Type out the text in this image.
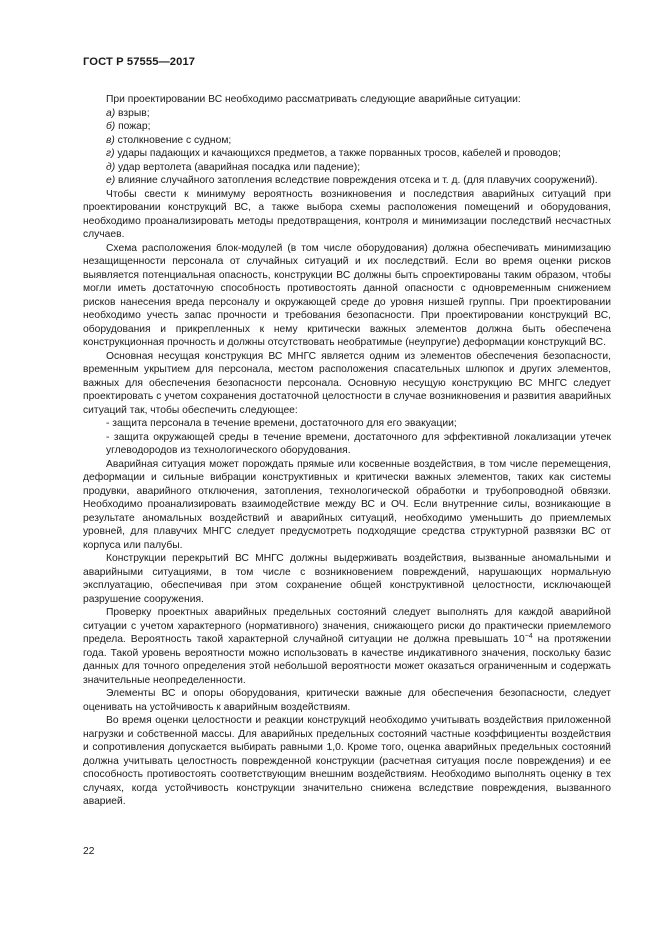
ГОСТ Р 57555—2017

При проектировании ВС необходимо рассматривать следующие аварийные ситуации:

а) взрыв;

б) пожар;

в) столкновение с судном;

г) удары падающих и качающихся предметов, а также порванных тросов, кабелей и проводов;

д) удар вертолета (аварийная посадка или падение);

е) влияние случайного затопления вследствие повреждения отсека и т. д. (для плавучих сооружений).

Чтобы свести к минимуму вероятность возникновения и последствия аварийных ситуаций при проектировании конструкций ВС, а также выбора схемы расположения помещений и оборудования, необходимо проанализировать методы предотвращения, контроля и минимизации последствий несчастных случаев.

Схема расположения блок-модулей (в том числе оборудования) должна обеспечивать минимизацию незащищенности персонала от случайных ситуаций и их последствий. Если во время оценки рисков выявляется потенциальная опасность, конструкции ВС должны быть спроектированы таким образом, чтобы могли иметь достаточную способность противостоять данной опасности с одновременным снижением рисков нанесения вреда персоналу и окружающей среде до уровня низшей группы. При проектировании необходимо учесть запас прочности и требования безопасности. При проектировании конструкций ВС, оборудования и прикрепленных к нему критически важных элементов должна быть обеспечена конструкционная прочность и должны отсутствовать необратимые (неупругие) деформации конструкций ВС.

Основная несущая конструкция ВС МНГС является одним из элементов обеспечения безопасности, временным укрытием для персонала, местом расположения спасательных шлюпок и других элементов, важных для обеспечения безопасности персонала. Основную несущую конструкцию ВС МНГС следует проектировать с учетом сохранения достаточной целостности в случае возникновения и развития аварийных ситуаций так, чтобы обеспечить следующее:

- защита персонала в течение времени, достаточного для его эвакуации;

- защита окружающей среды в течение времени, достаточного для эффективной локализации утечек углеводородов из технологического оборудования.

Аварийная ситуация может порождать прямые или косвенные воздействия, в том числе перемещения, деформации и сильные вибрации конструктивных и критически важных элементов, таких как системы продувки, аварийного отключения, затопления, технологической обработки и трубопроводной обвязки. Необходимо проанализировать взаимодействие между ВС и ОЧ. Если внутренние силы, возникающие в результате аномальных воздействий и аварийных ситуаций, необходимо уменьшить до приемлемых уровней, для плавучих МНГС следует предусмотреть подходящие средства структурной развязки ВС от корпуса или палубы.

Конструкции перекрытий ВС МНГС должны выдерживать воздействия, вызванные аномальными и аварийными ситуациями, в том числе с возникновением повреждений, нарушающих нормальную эксплуатацию, обеспечивая при этом сохранение общей конструктивной целостности, исключающей разрушение сооружения.

Проверку проектных аварийных предельных состояний следует выполнять для каждой аварийной ситуации с учетом характерного (нормативного) значения, снижающего риски до практически приемлемого предела. Вероятность такой характерной случайной ситуации не должна превышать $10^{-4}$ на протяжении года. Такой уровень вероятности можно использовать в качестве индикативного значения, поскольку базис данных для точного определения этой небольшой вероятности может оказаться ограниченным и содержать значительные неопределенности.

Элементы ВС и опоры оборудования, критически важные для обеспечения безопасности, следует оценивать на устойчивость к аварийным воздействиям.

Во время оценки целостности и реакции конструкций необходимо учитывать воздействия приложенной нагрузки и собственной массы. Для аварийных предельных состояний частные коэффициенты воздействия и сопротивления допускается выбирать равными 1,0. Кроме того, оценка аварийных предельных состояний должна учитывать целостность поврежденной конструкции (расчетная ситуация после повреждения) и ее способность противостоять соответствующим внешним воздействиям. Необходимо выполнять оценку в тех случаях, когда устойчивость конструкции значительно снижена вследствие повреждения, вызванного аварией.

22
